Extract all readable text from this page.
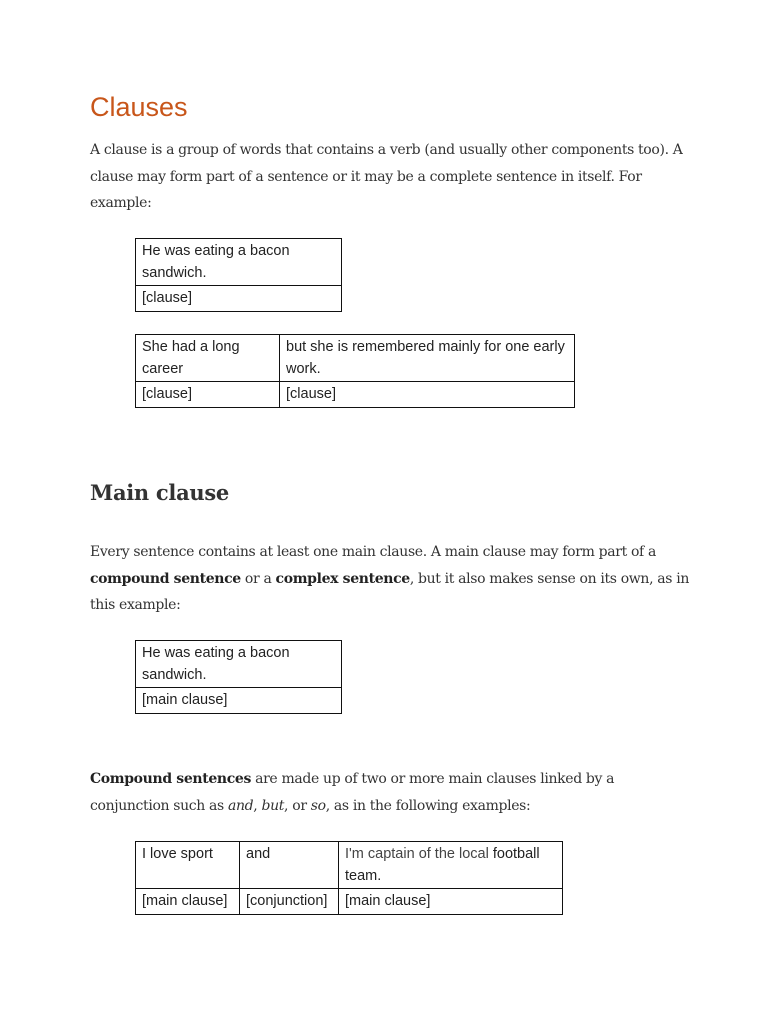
Clauses
A clause is a group of words that contains a verb (and usually other components too). A clause may form part of a sentence or it may be a complete sentence in itself. For example:
He was eating a bacon sandwich.
[clause]
She had a long career	but she is remembered mainly for one early work.
[clause]	[clause]
Main clause
Every sentence contains at least one main clause. A main clause may form part of a compound sentence or a complex sentence, but it also makes sense on its own, as in this example:
He was eating a bacon sandwich.
[main clause]
Compound sentences are made up of two or more main clauses linked by a conjunction such as and, but, or so, as in the following examples:
I love sport	and	I'm captain of the local football team.
[main clause]	[conjunction]	[main clause]
